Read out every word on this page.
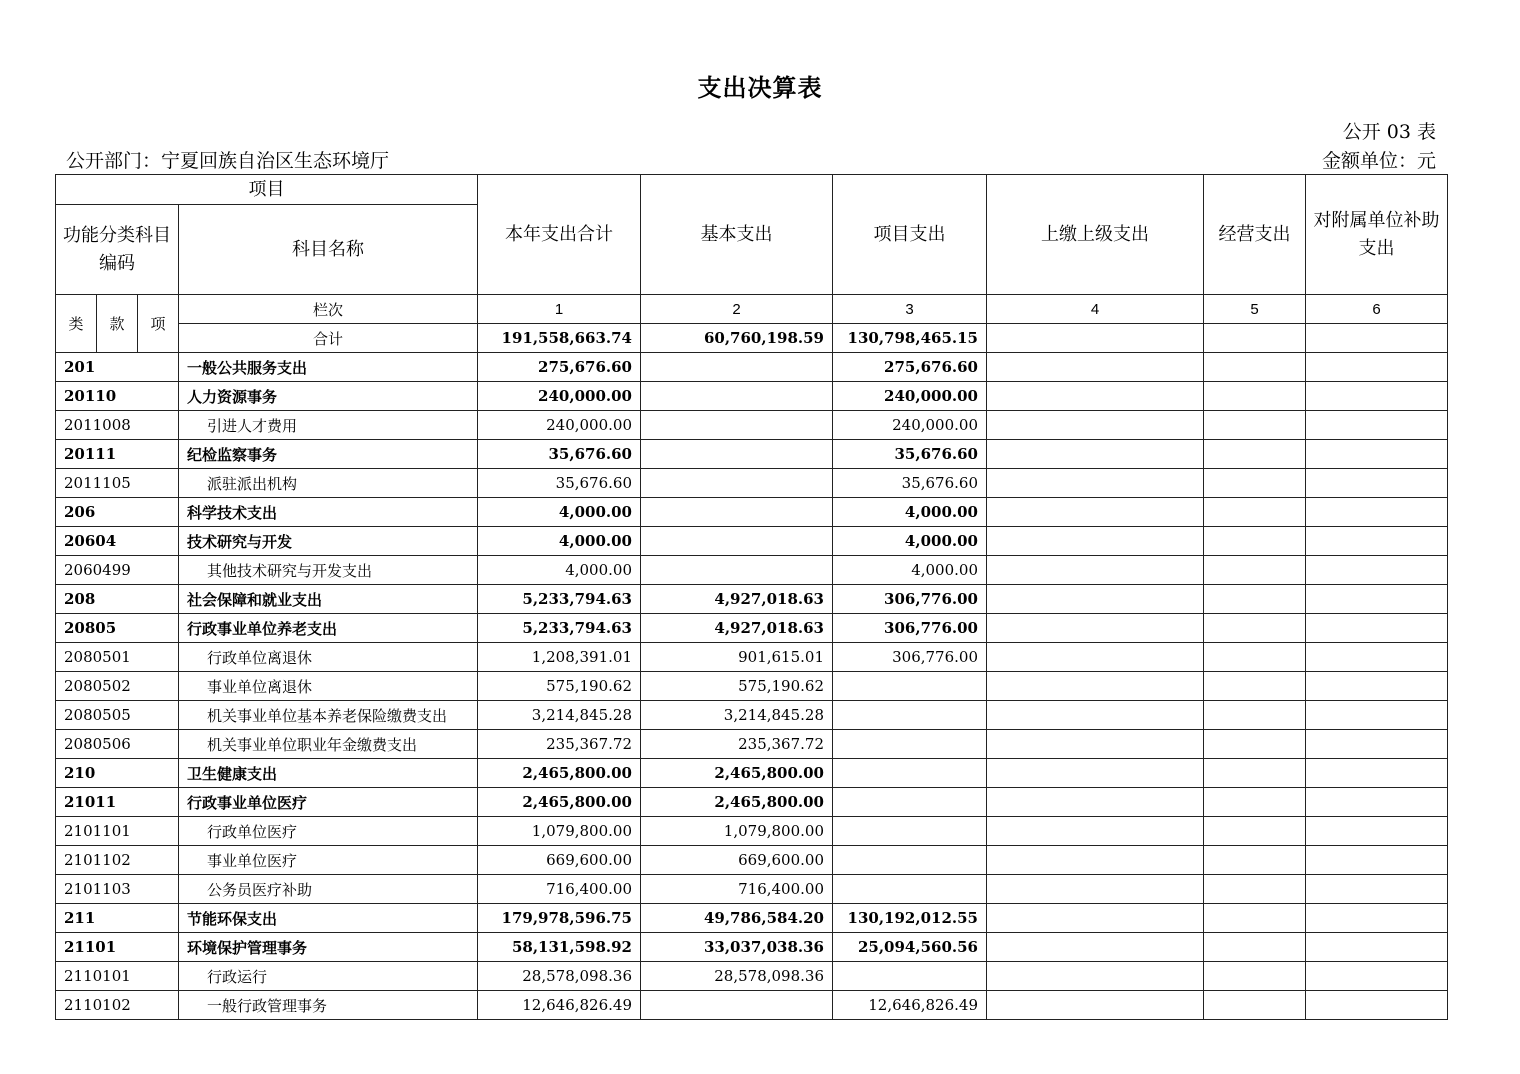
支出决算表
公开 03 表
公开部门：宁夏回族自治区生态环境厅	金额单位：元
项目				本年支出合计	基本支出	项目支出	上缴上级支出	经营支出	对附属单位补助支出
功能分类科目编码			科目名称						
类	款	项	栏次	1	2	3	4	5	6
			合计	191,558,663.74	60,760,198.59	130,798,465.15			
201			一般公共服务支出	275,676.60		275,676.60			
20110			人力资源事务	240,000.00		240,000.00			
2011008			引进人才费用	240,000.00		240,000.00			
20111			纪检监察事务	35,676.60		35,676.60			
2011105			派驻派出机构	35,676.60		35,676.60			
206			科学技术支出	4,000.00		4,000.00			
20604			技术研究与开发	4,000.00		4,000.00			
2060499			其他技术研究与开发支出	4,000.00		4,000.00			
208			社会保障和就业支出	5,233,794.63	4,927,018.63	306,776.00			
20805			行政事业单位养老支出	5,233,794.63	4,927,018.63	306,776.00			
2080501			行政单位离退休	1,208,391.01	901,615.01	306,776.00			
2080502			事业单位离退休	575,190.62	575,190.62				
2080505			机关事业单位基本养老保险缴费支出	3,214,845.28	3,214,845.28				
2080506			机关事业单位职业年金缴费支出	235,367.72	235,367.72				
210			卫生健康支出	2,465,800.00	2,465,800.00				
21011			行政事业单位医疗	2,465,800.00	2,465,800.00				
2101101			行政单位医疗	1,079,800.00	1,079,800.00				
2101102			事业单位医疗	669,600.00	669,600.00				
2101103			公务员医疗补助	716,400.00	716,400.00				
211			节能环保支出	179,978,596.75	49,786,584.20	130,192,012.55			
21101			环境保护管理事务	58,131,598.92	33,037,038.36	25,094,560.56			
2110101			行政运行	28,578,098.36	28,578,098.36				
2110102			一般行政管理事务	12,646,826.49		12,646,826.49			
